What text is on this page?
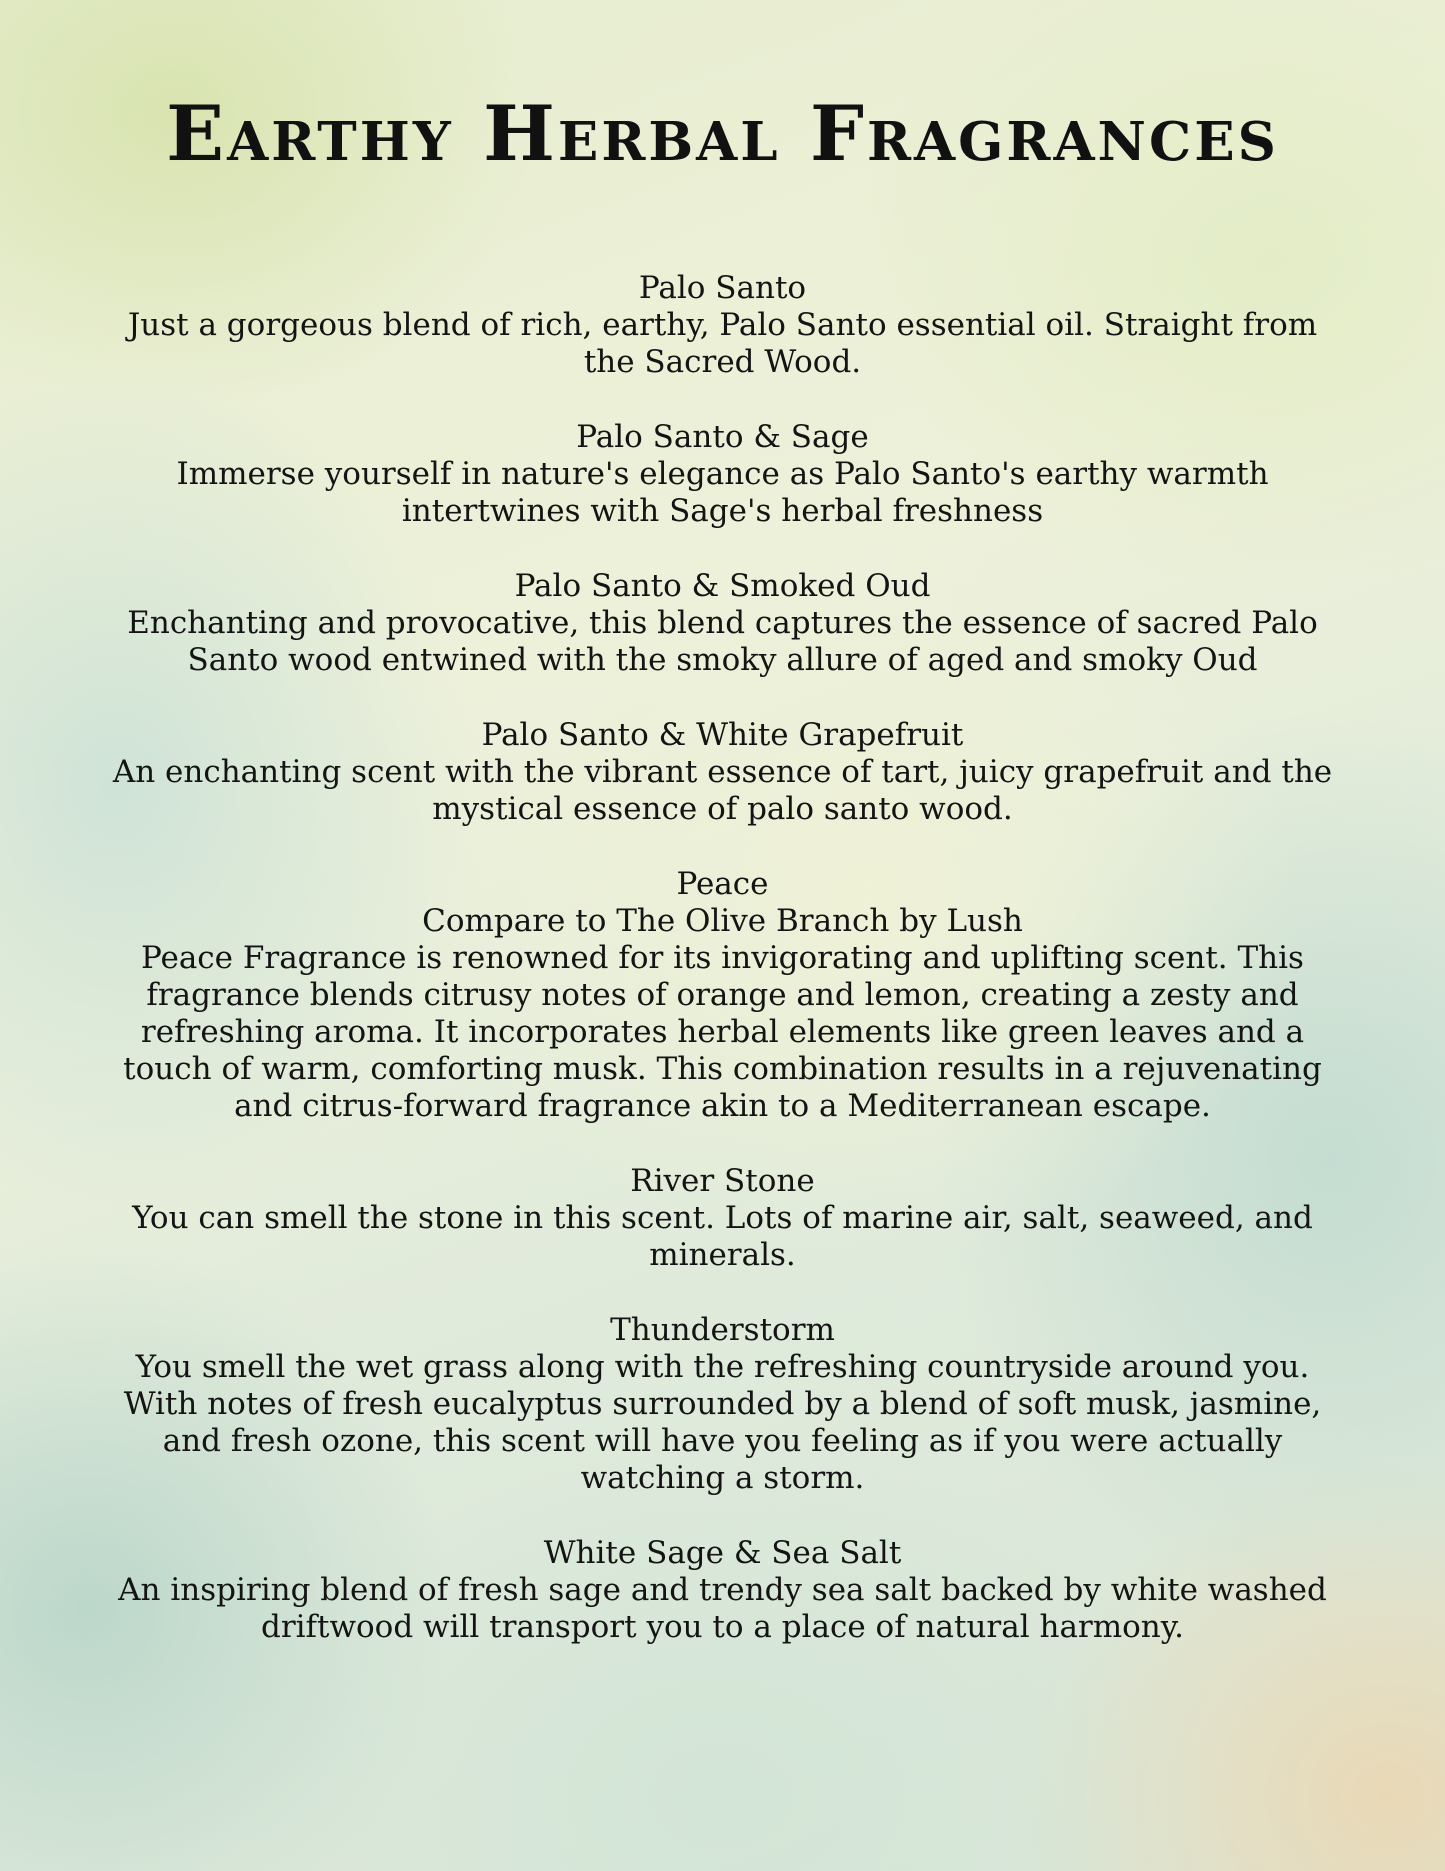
Earthy Herbal Fragrances
Palo Santo
Just a gorgeous blend of rich, earthy, Palo Santo essential oil. Straight from the Sacred Wood.
Palo Santo & Sage
Immerse yourself in nature's elegance as Palo Santo's earthy warmth intertwines with Sage's herbal freshness
Palo Santo & Smoked Oud
Enchanting and provocative, this blend captures the essence of sacred Palo Santo wood entwined with the smoky allure of aged and smoky Oud
Palo Santo & White Grapefruit
An enchanting scent with the vibrant essence of tart, juicy grapefruit and the mystical essence of palo santo wood.
Peace
Compare to The Olive Branch by Lush
Peace Fragrance is renowned for its invigorating and uplifting scent. This fragrance blends citrusy notes of orange and lemon, creating a zesty and refreshing aroma. It incorporates herbal elements like green leaves and a touch of warm, comforting musk. This combination results in a rejuvenating and citrus-forward fragrance akin to a Mediterranean escape.
River Stone
You can smell the stone in this scent. Lots of marine air, salt, seaweed, and minerals.
Thunderstorm
You smell the wet grass along with the refreshing countryside around you. With notes of fresh eucalyptus surrounded by a blend of soft musk, jasmine, and fresh ozone, this scent will have you feeling as if you were actually watching a storm.
White Sage & Sea Salt
An inspiring blend of fresh sage and trendy sea salt backed by white washed driftwood will transport you to a place of natural harmony.
